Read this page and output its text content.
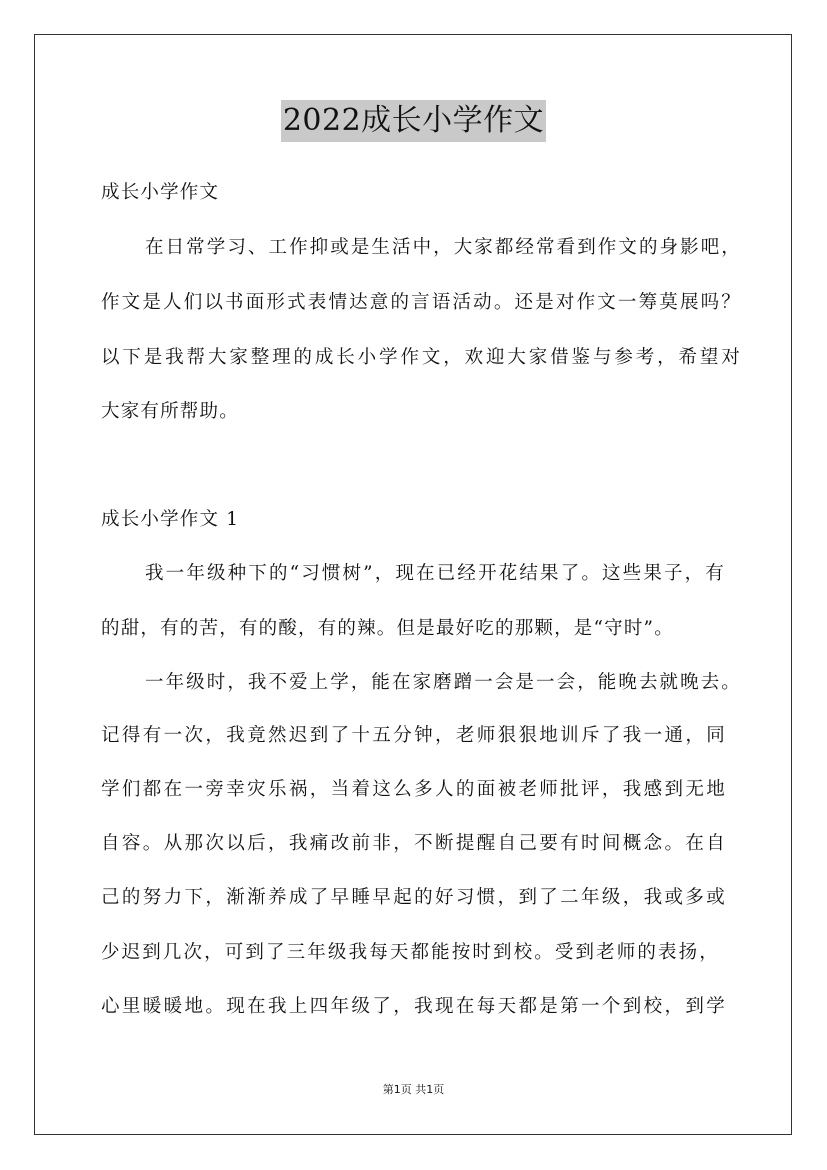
2022成长小学作文
成长小学作文
在日常学习、工作抑或是生活中，大家都经常看到作文的身影吧，
作文是人们以书面形式表情达意的言语活动。还是对作文一筹莫展吗？
以下是我帮大家整理的成长小学作文，欢迎大家借鉴与参考，希望对
大家有所帮助。
成长小学作文 1
我一年级种下的“习惯树”，现在已经开花结果了。这些果子，有
的甜，有的苦，有的酸，有的辣。但是最好吃的那颗，是“守时”。
一年级时，我不爱上学，能在家磨蹭一会是一会，能晚去就晚去。
记得有一次，我竟然迟到了十五分钟，老师狠狠地训斥了我一通，同
学们都在一旁幸灾乐祸，当着这么多人的面被老师批评，我感到无地
自容。从那次以后，我痛改前非，不断提醒自己要有时间概念。在自
己的努力下，渐渐养成了早睡早起的好习惯，到了二年级，我或多或
少迟到几次，可到了三年级我每天都能按时到校。受到老师的表扬，
心里暖暖地。现在我上四年级了，我现在每天都是第一个到校，到学
第1页 共1页
